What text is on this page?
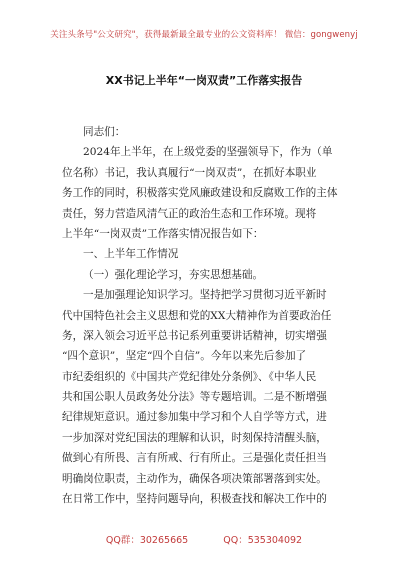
关注头条号"公文研究"，获得最新最全最专业的公文资料库！ 微信：gongwenyj
XX书记上半年“一岗双责”工作落实报告
同志们：
2024年上半年，在上级党委的坚强领导下，作为（单
位名称）书记，我认真履行“一岗双责”，在抓好本职业
务工作的同时，积极落实党风廉政建设和反腐败工作的主体
责任，努力营造风清气正的政治生态和工作环境。现将
上半年“一岗双责”工作落实情况报告如下：
一、上半年工作情况
（一）强化理论学习，夯实思想基础。
一是加强理论知识学习。坚持把学习贯彻习近平新时
代中国特色社会主义思想和党的XX大精神作为首要政治任
务，深入领会习近平总书记系列重要讲话精神，切实增强
“四个意识”，坚定“四个自信”。今年以来先后参加了
市纪委组织的《中国共产党纪律处分条例》、《中华人民
共和国公职人员政务处分法》等专题培训。二是不断增强
纪律规矩意识。通过参加集中学习和个人自学等方式，进
一步加深对党纪国法的理解和认识，时刻保持清醒头脑，
做到心有所畏、言有所戒、行有所止。三是强化责任担当
明确岗位职责，主动作为，确保各项决策部署落到实处。
在日常工作中，坚持问题导向，积极查找和解决工作中的
QQ群：30265665	QQ：535304092
